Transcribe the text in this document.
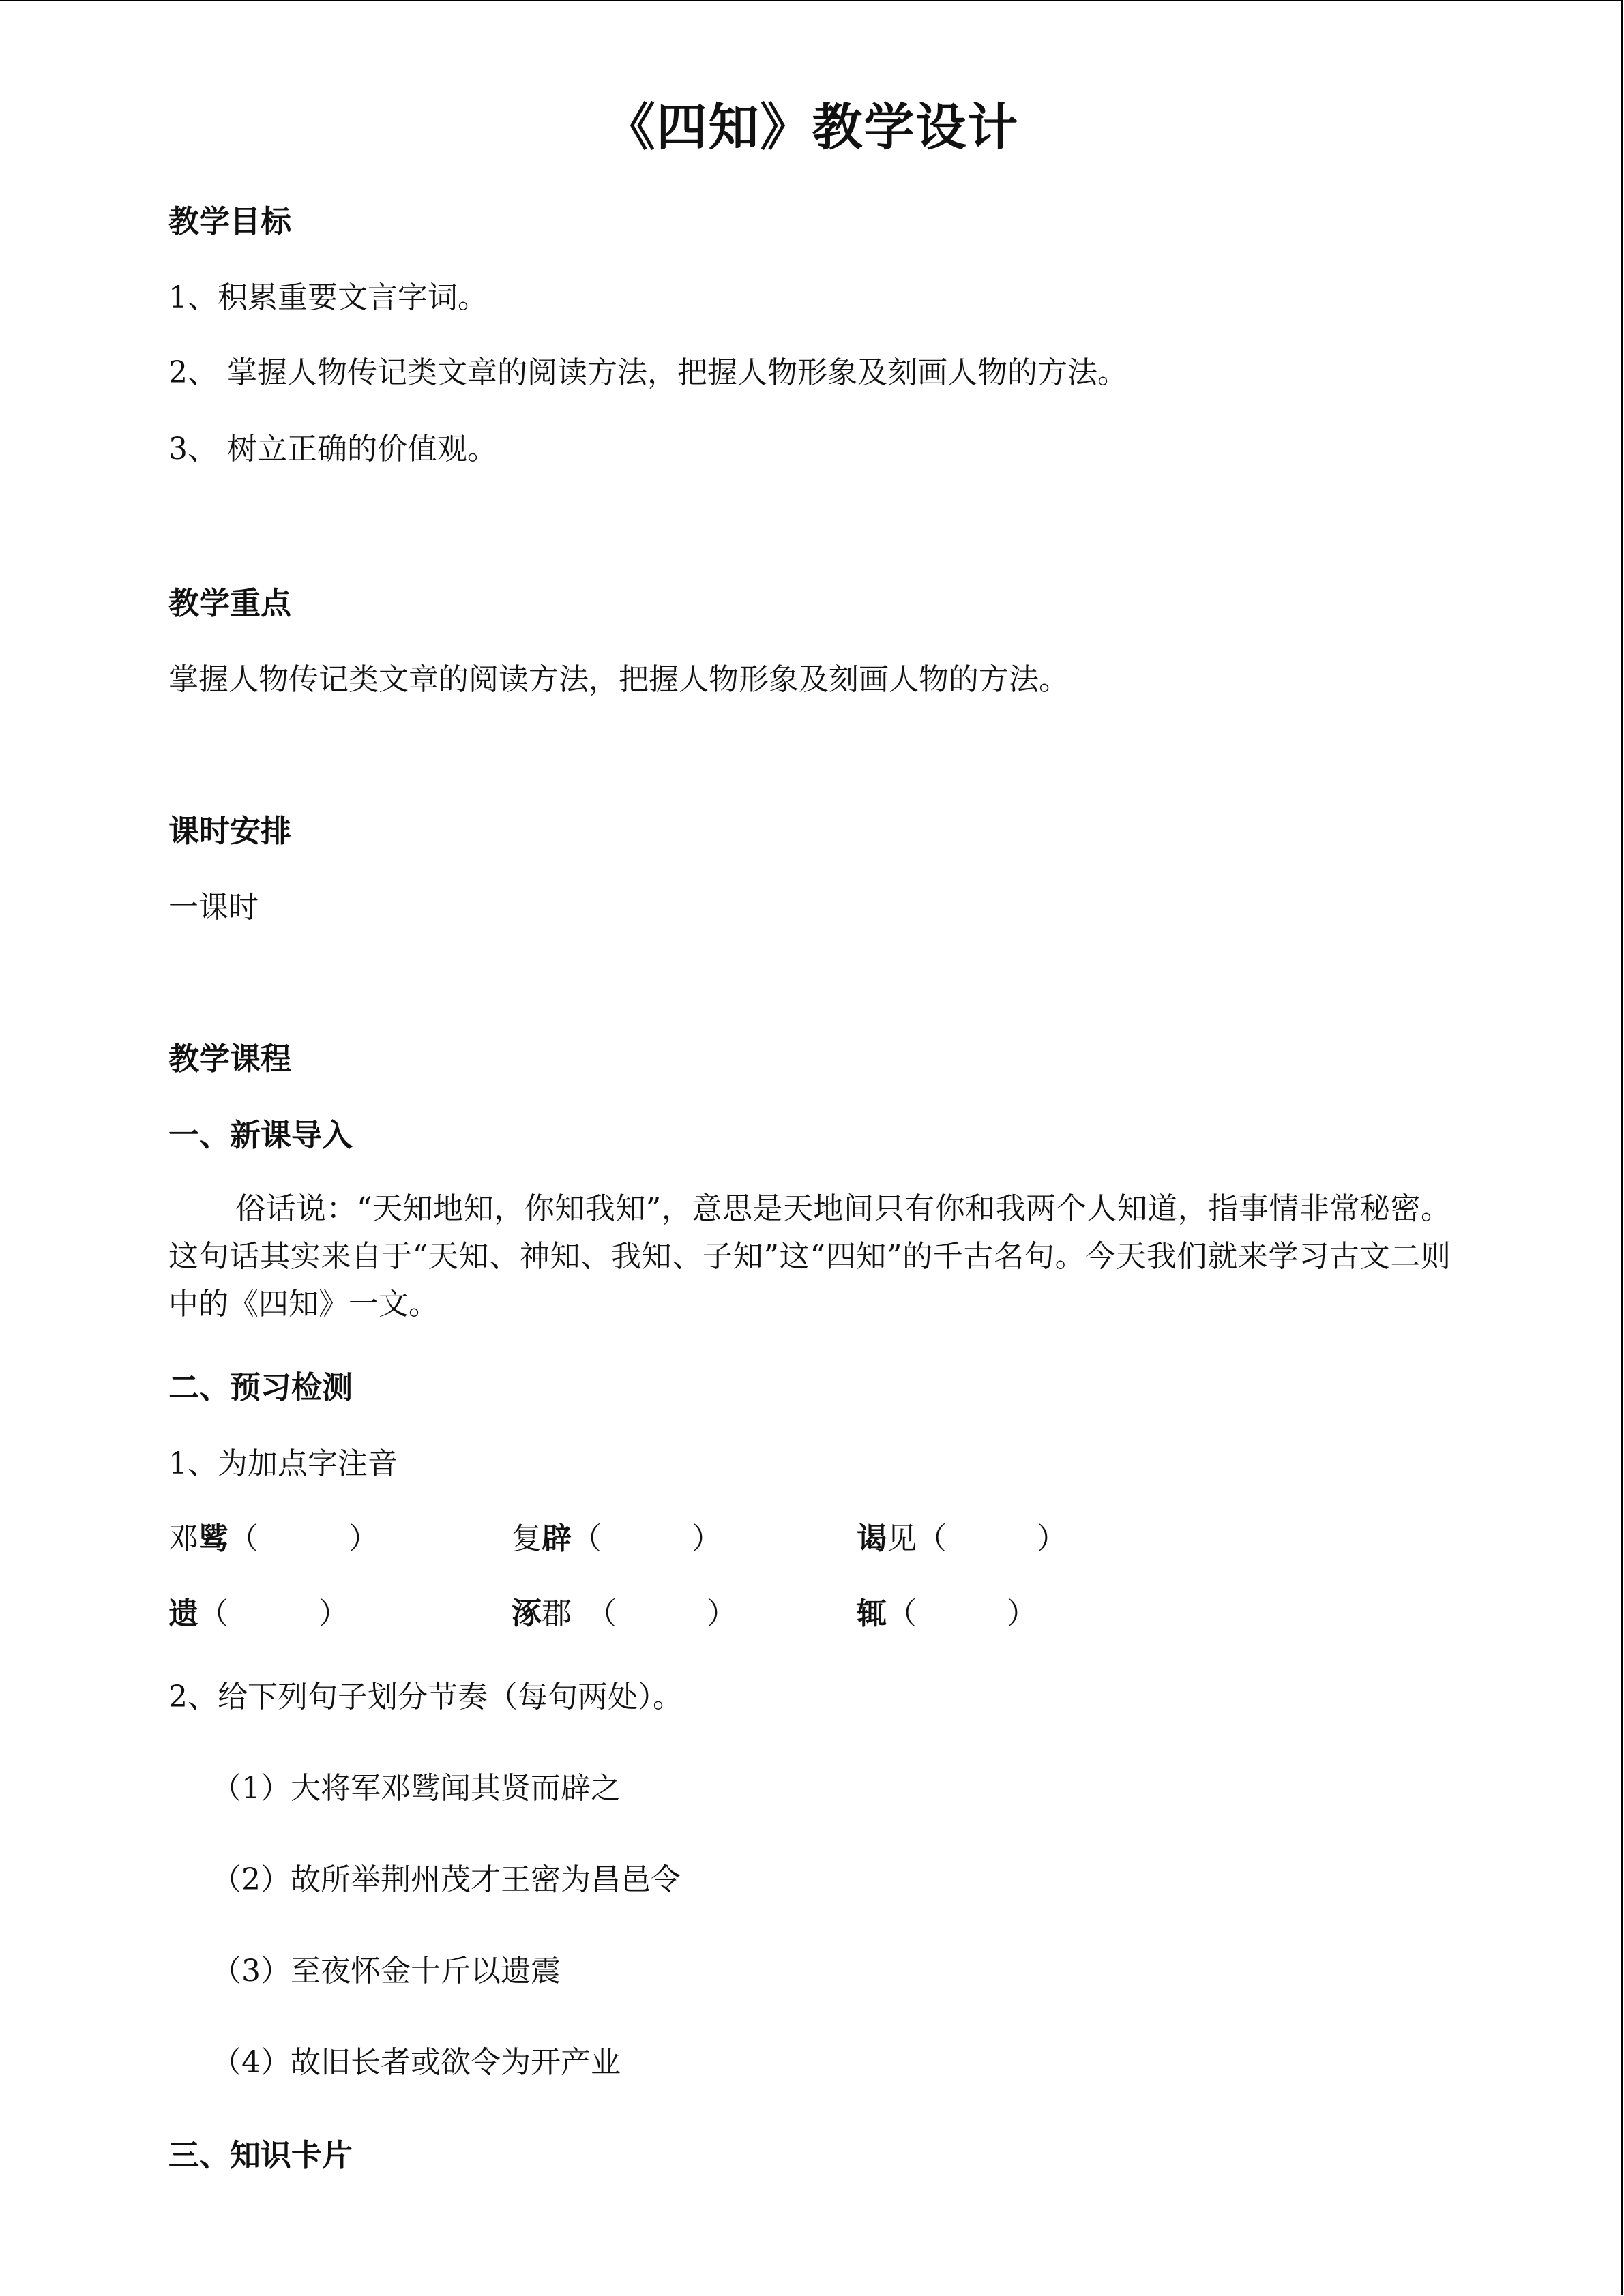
《四知》教学设计
教学目标
1、积累重要文言字词。
2、 掌握人物传记类文章的阅读方法，把握人物形象及刻画人物的方法。
3、 树立正确的价值观。
教学重点
掌握人物传记类文章的阅读方法，把握人物形象及刻画人物的方法。
课时安排
一课时
教学课程
一、新课导入
俗话说：“天知地知，你知我知”，意思是天地间只有你和我两个人知道，指事情非常秘密。这句话其实来自于“天知、神知、我知、子知”这“四知”的千古名句。今天我们就来学习古文二则中的《四知》一文。
二、预习检测
1、为加点字注音
邓骘（　　　）	复辟（　　　）	谒见（　　　）
遗（　　　）	涿郡　（　　　）	辄（　　　）
2、给下列句子划分节奏（每句两处）。
（1）大将军邓骘闻其贤而辟之
（2）故所举荆州茂才王密为昌邑令
（3）至夜怀金十斤以遗震
（4）故旧长者或欲令为开产业
三、知识卡片
